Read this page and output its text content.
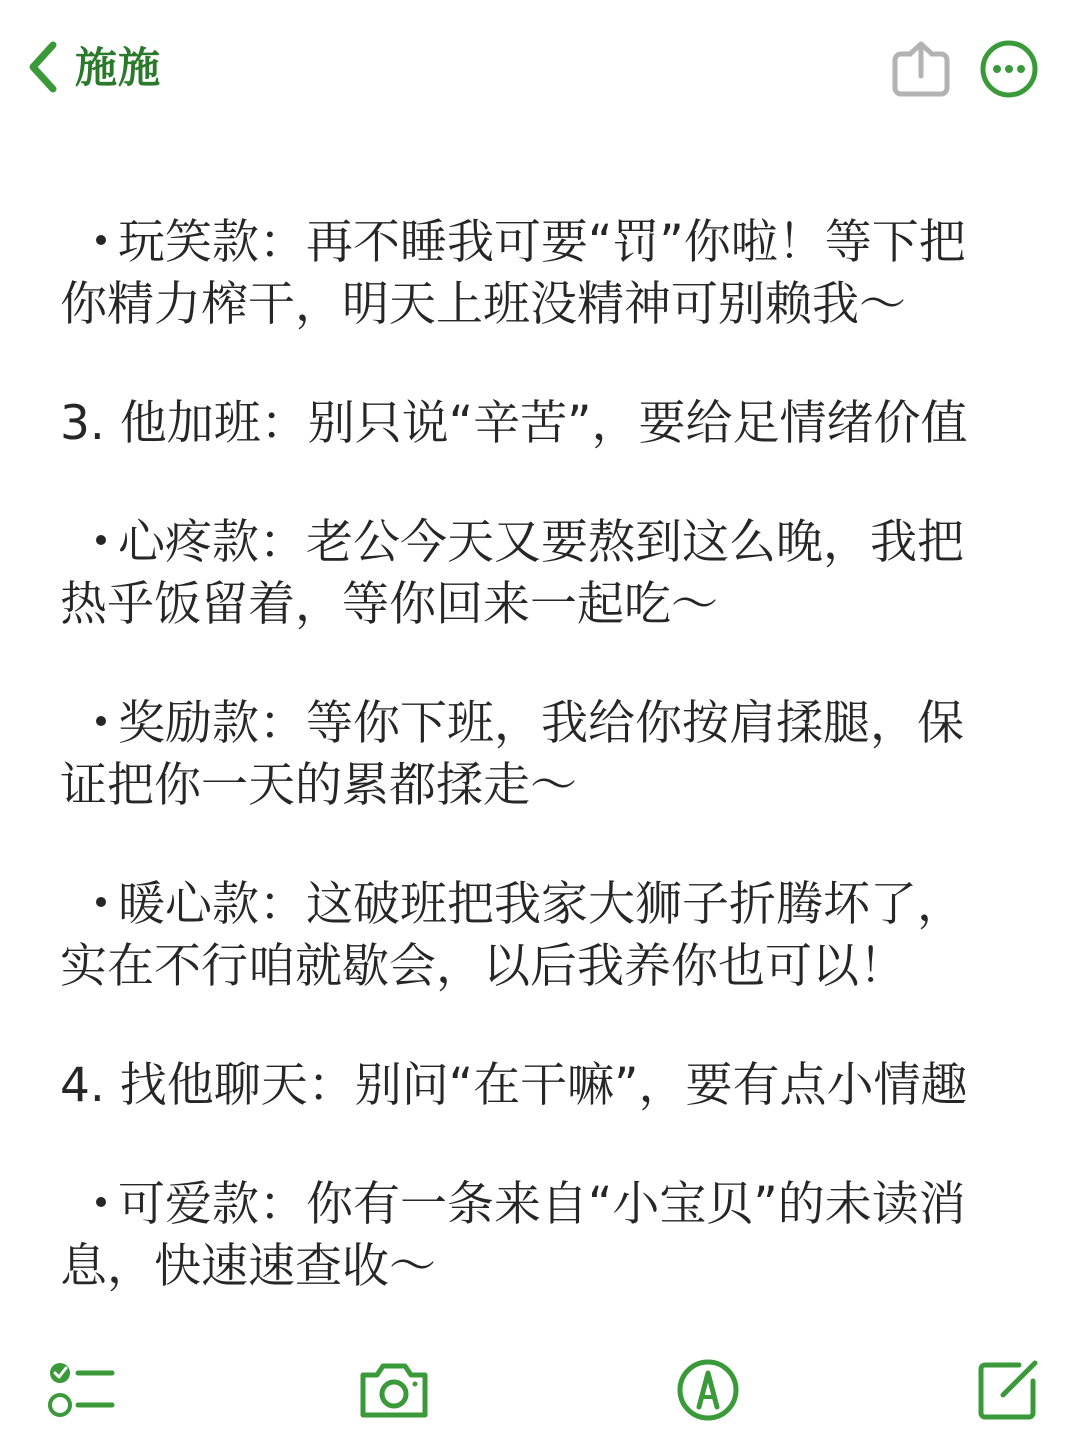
施施

玩笑款：再不睡我可要“罚”你啦！等下把你精力榨干，明天上班没精神可别赖我～

3. 他加班：别只说“辛苦”，要给足情绪价值

心疼款：老公今天又要熬到这么晚，我把热乎饭留着，等你回来一起吃～

奖励款：等你下班，我给你按肩揉腿，保证把你一天的累都揉走～

暖心款：这破班把我家大狮子折腾坏了，实在不行咱就歇会，以后我养你也可以！

4. 找他聊天：别问“在干嘛”，要有点小情趣

可爱款：你有一条来自“小宝贝”的未读消息，快速速查收～
